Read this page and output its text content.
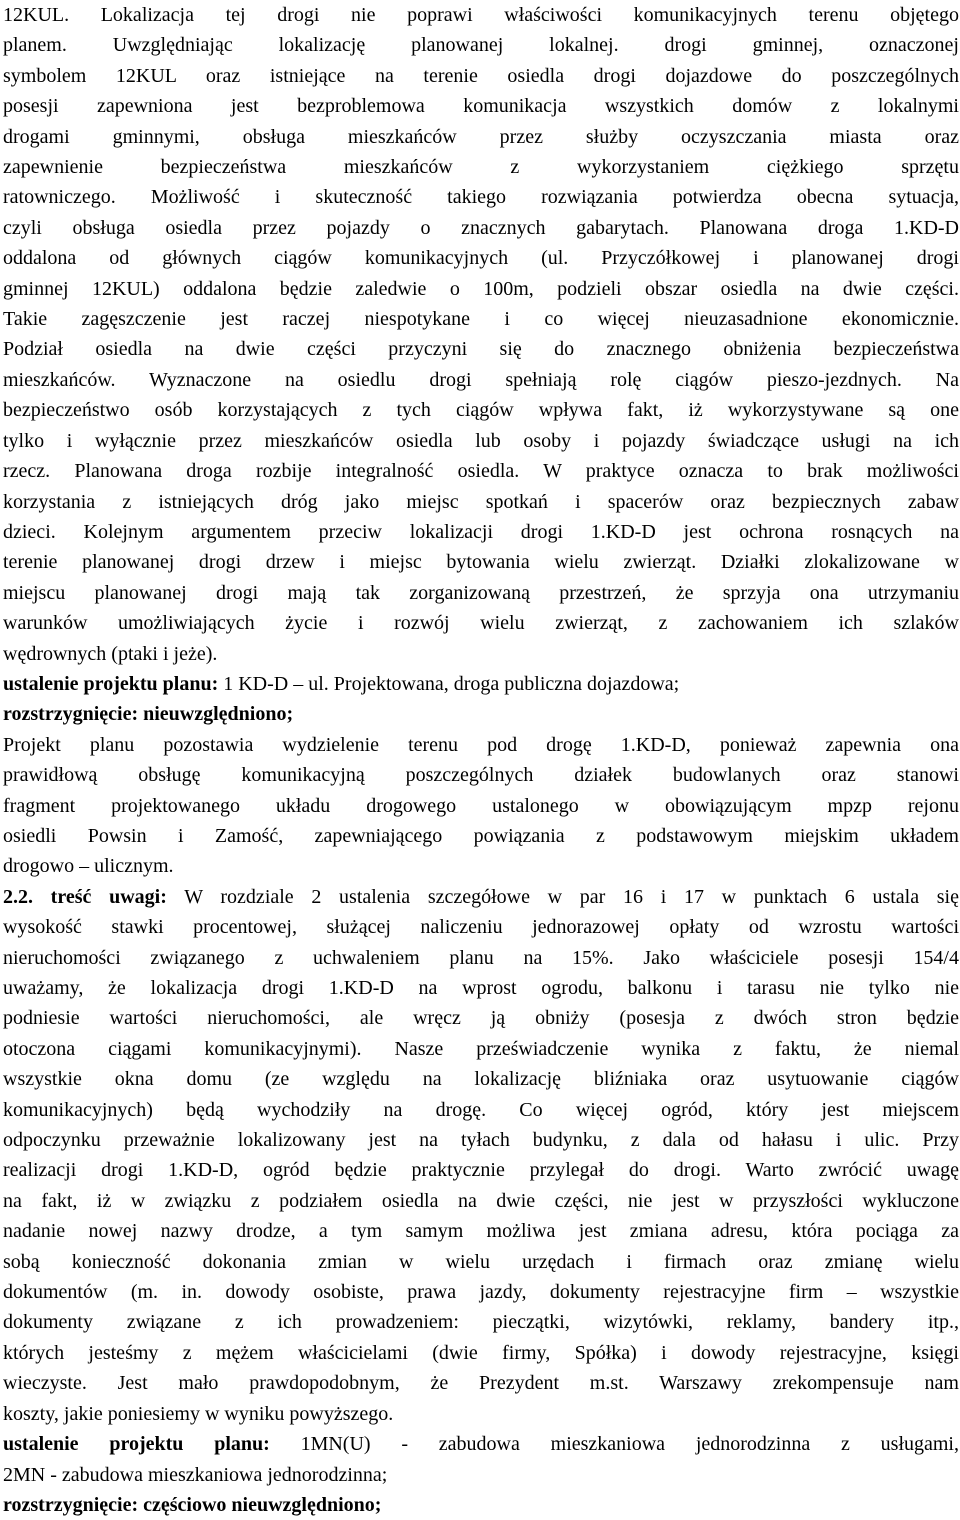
12KUL. Lokalizacja tej drogi nie poprawi właściwości komunikacyjnych terenu objętego
planem. Uwzględniając lokalizację planowanej lokalnej. drogi gminnej, oznaczonej
symbolem 12KUL oraz istniejące na terenie osiedla drogi dojazdowe do poszczególnych
posesji zapewniona jest bezproblemowa komunikacja wszystkich domów z lokalnymi
drogami gminnymi, obsługa mieszkańców przez służby oczyszczania miasta oraz
zapewnienie bezpieczeństwa mieszkańców z wykorzystaniem ciężkiego sprzętu
ratowniczego. Możliwość i skuteczność takiego rozwiązania potwierdza obecna sytuacja,
czyli obsługa osiedla przez pojazdy o znacznych gabarytach. Planowana droga 1.KD-D
oddalona od głównych ciągów komunikacyjnych (ul. Przyczółkowej i planowanej drogi
gminnej 12KUL) oddalona będzie zaledwie o 100m, podzieli obszar osiedla na dwie części.
Takie zagęszczenie jest raczej niespotykane i co więcej nieuzasadnione ekonomicznie.
Podział osiedla na dwie części przyczyni się do znacznego obniżenia bezpieczeństwa
mieszkańców. Wyznaczone na osiedlu drogi spełniają rolę ciągów pieszo-jezdnych. Na
bezpieczeństwo osób korzystających z tych ciągów wpływa fakt, iż wykorzystywane są one
tylko i wyłącznie przez mieszkańców osiedla lub osoby i pojazdy świadczące usługi na ich
rzecz. Planowana droga rozbije integralność osiedla. W praktyce oznacza to brak możliwości
korzystania z istniejących dróg jako miejsc spotkań i spacerów oraz bezpiecznych zabaw
dzieci. Kolejnym argumentem przeciw lokalizacji drogi 1.KD-D jest ochrona rosnących na
terenie planowanej drogi drzew i miejsc bytowania wielu zwierząt. Działki zlokalizowane w
miejscu planowanej drogi mają tak zorganizowaną przestrzeń, że sprzyja ona utrzymaniu
warunków umożliwiających życie i rozwój wielu zwierząt, z zachowaniem ich szlaków
wędrownych (ptaki i jeże).

ustalenie projektu planu: 1 KD-D – ul. Projektowana, droga publiczna dojazdowa;

rozstrzygnięcie: nieuwzględniono;

Projekt planu pozostawia wydzielenie terenu pod drogę 1.KD-D, ponieważ zapewnia ona
prawidłową obsługę komunikacyjną poszczególnych działek budowlanych oraz stanowi
fragment projektowanego układu drogowego ustalonego w obowiązującym mpzp rejonu
osiedli Powsin i Zamość, zapewniającego powiązania z podstawowym miejskim układem
drogowo – ulicznym.

2.2. treść uwagi: W rozdziale 2 ustalenia szczegółowe w par 16 i 17 w punktach 6 ustala się
wysokość stawki procentowej, służącej naliczeniu jednorazowej opłaty od wzrostu wartości
nieruchomości związanego z uchwaleniem planu na 15%. Jako właściciele posesji 154/4
uważamy, że lokalizacja drogi 1.KD-D na wprost ogrodu, balkonu i tarasu nie tylko nie
podniesie wartości nieruchomości, ale wręcz ją obniży (posesja z dwóch stron będzie
otoczona ciągami komunikacyjnymi). Nasze przeświadczenie wynika z faktu, że niemal
wszystkie okna domu (ze względu na lokalizację bliźniaka oraz usytuowanie ciągów
komunikacyjnych) będą wychodziły na drogę. Co więcej ogród, który jest miejscem
odpoczynku przeważnie lokalizowany jest na tyłach budynku, z dala od hałasu i ulic. Przy
realizacji drogi 1.KD-D, ogród będzie praktycznie przylegał do drogi. Warto zwrócić uwagę
na fakt, iż w związku z podziałem osiedla na dwie części, nie jest w przyszłości wykluczone
nadanie nowej nazwy drodze, a tym samym możliwa jest zmiana adresu, która pociąga za
sobą konieczność dokonania zmian w wielu urzędach i firmach oraz zmianę wielu
dokumentów (m. in. dowody osobiste, prawa jazdy, dokumenty rejestracyjne firm – wszystkie
dokumenty związane z ich prowadzeniem: pieczątki, wizytówki, reklamy, bandery itp.,
których jesteśmy z mężem właścicielami (dwie firmy, Spółka) i dowody rejestracyjne, księgi
wieczyste. Jest mało prawdopodobnym, że Prezydent m.st. Warszawy zrekompensuje nam
koszty, jakie poniesiemy w wyniku powyższego.

ustalenie projektu planu: 1MN(U) - zabudowa mieszkaniowa jednorodzinna z usługami,
2MN - zabudowa mieszkaniowa jednorodzinna;

rozstrzygnięcie: częściowo nieuwzględniono;
